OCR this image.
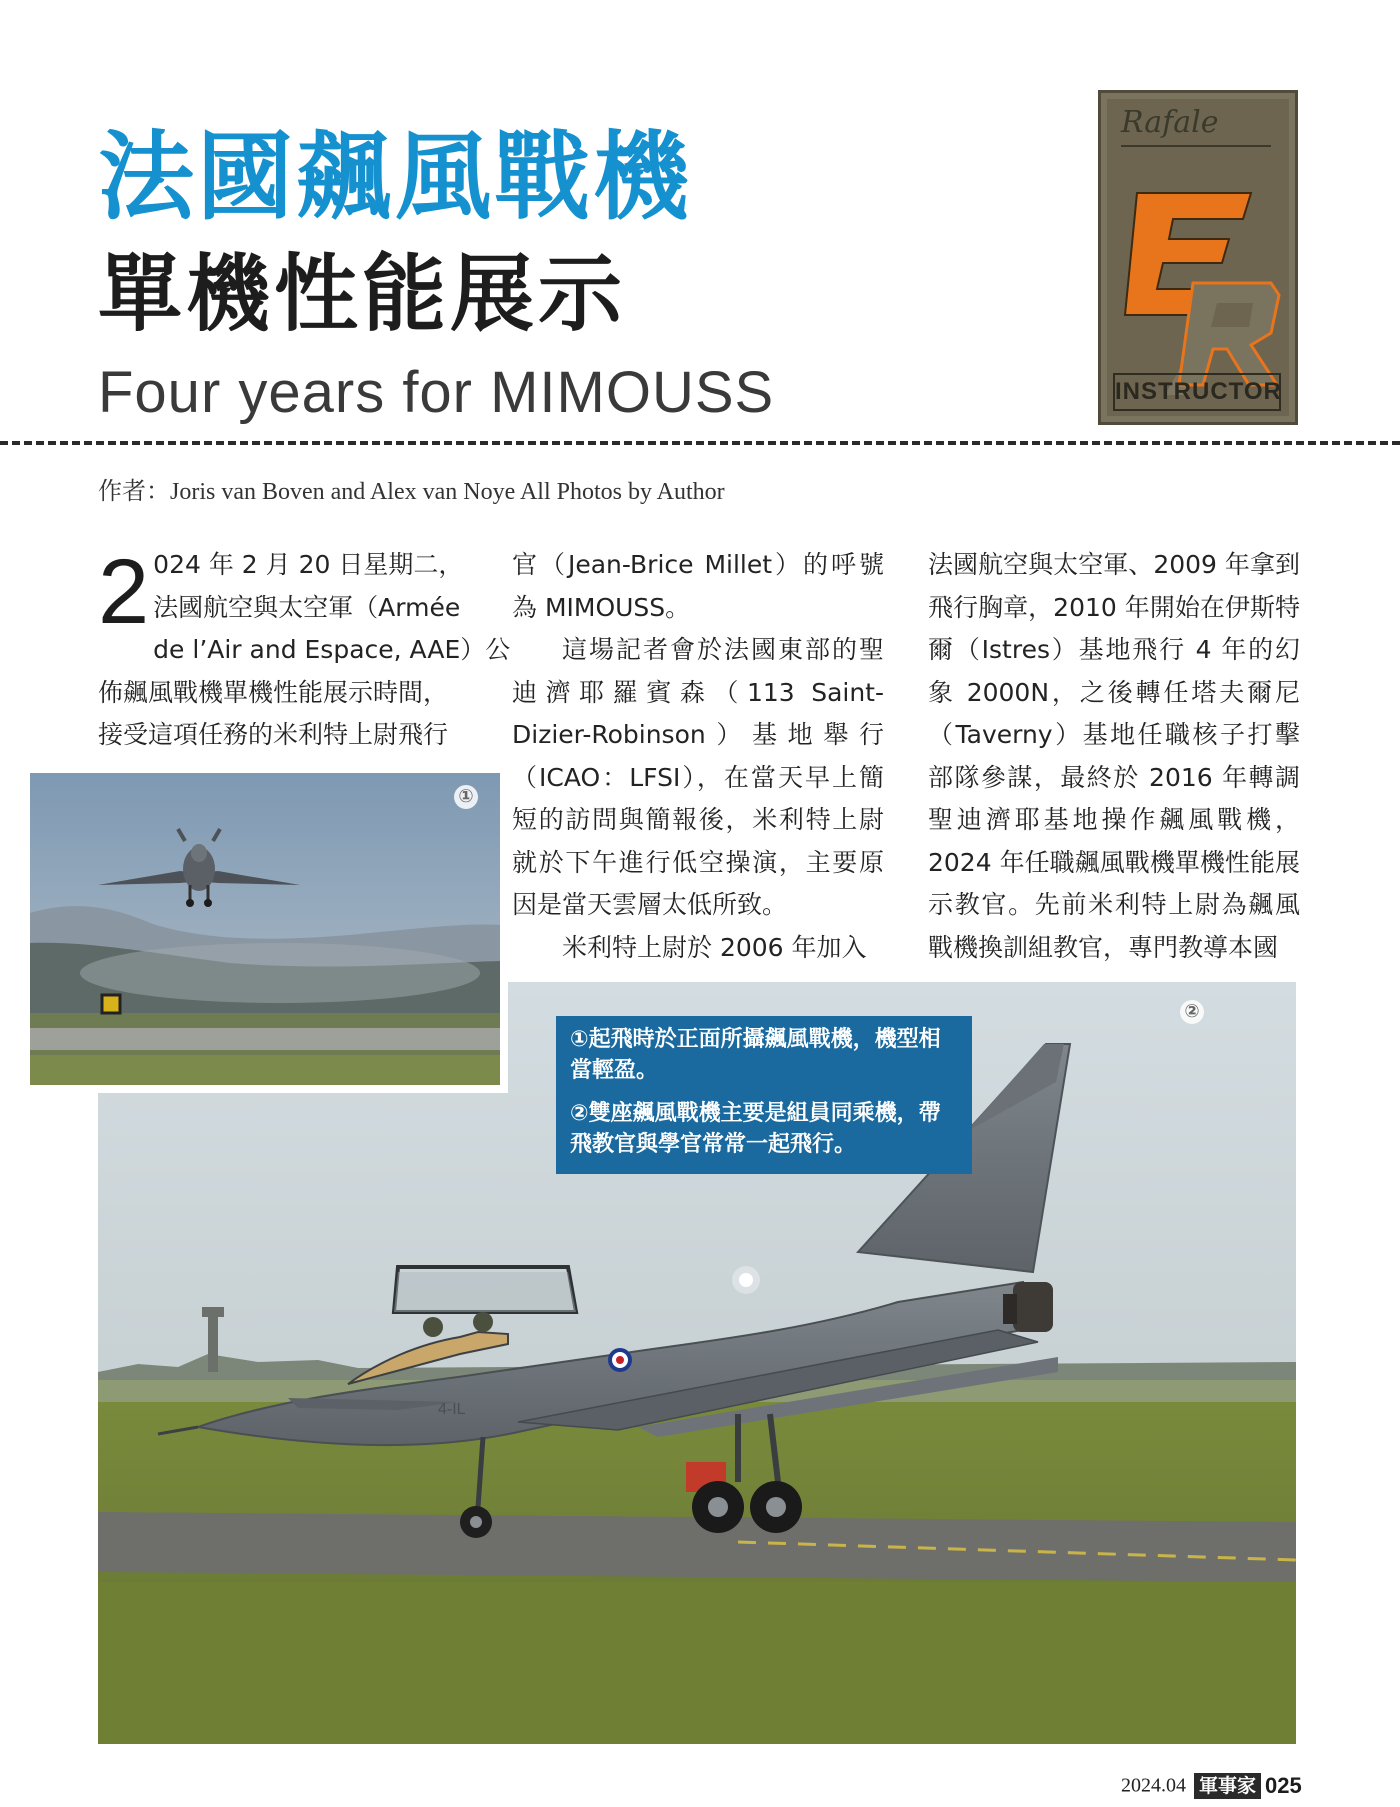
法國飆風戰機
單機性能展示
Four years for MIMOUSS
Rafale
INSTRUCTOR
作者：Joris van Boven and Alex van Noye All Photos by Author
2 024 年 2 月 20 日星期二，
法國航空與太空軍（Armée
de l’Air and Espace, AAE）公
佈飆風戰機單機性能展示時間，
接受這項任務的米利特上尉飛行

官（Jean-Brice Millet）的呼號為 MIMOUSS。

這場記者會於法國東部的聖迪濟耶羅賓森（113 Saint-Dizier-Robinson）基地舉行（ICAO：LFSI），在當天早上簡短的訪問與簡報後，米利特上尉就於下午進行低空操演，主要原因是當天雲層太低所致。

米利特上尉於 2006 年加入

法國航空與太空軍、2009 年拿到飛行胸章，2010 年開始在伊斯特爾（Istres）基地飛行 4 年的幻象 2000N，之後轉任塔夫爾尼（Taverny）基地任職核子打擊部隊參謀，最終於 2016 年轉調聖迪濟耶基地操作飆風戰機，2024 年任職飆風戰機單機性能展示教官。先前米利特上尉為飆風戰機換訓組教官，專門教導本國

4-IL
②
①

①起飛時於正面所攝飆風戰機，機型相當輕盈。

②雙座飆風戰機主要是組員同乘機，帶飛教官與學官常常一起飛行。

2024.04 軍事家 025
